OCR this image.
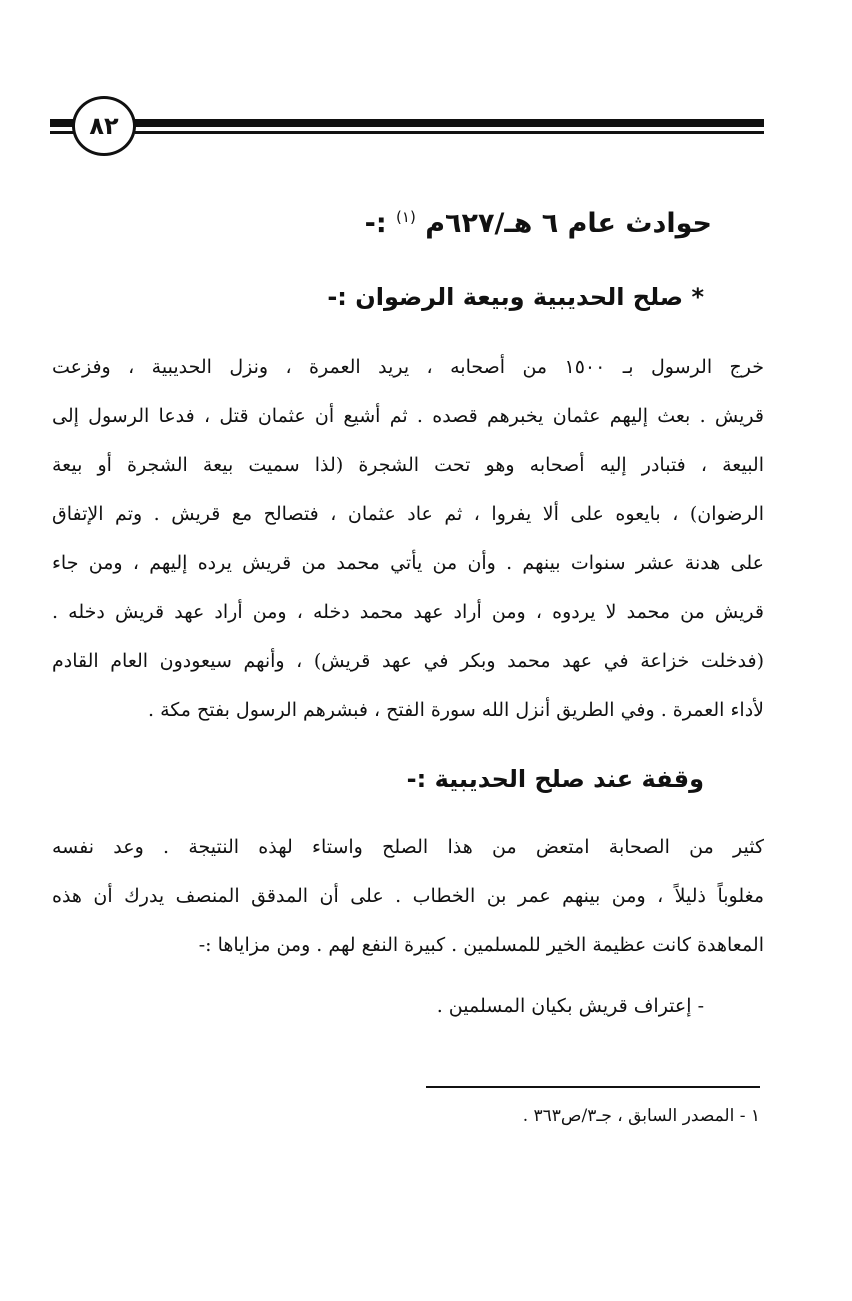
٨٢
حوادث عام ٦ هـ/٦٢٧م $^{(١)}$ :-
* صلح الحديبية وبيعة الرضوان :-
خرج الرسول بـ ١٥٠٠ من أصحابه ، يريد العمرة ، ونزل الحديبية ، وفزعت
قريش . بعث إليهم عثمان يخبرهم قصده . ثم أشيع أن عثمان قتل ، فدعا الرسول إلى
البيعة ، فتبادر إليه أصحابه وهو تحت الشجرة (لذا سميت بيعة الشجرة أو بيعة
الرضوان) ، بايعوه على ألا يفروا ، ثم عاد عثمان ، فتصالح مع قريش . وتم الإتفاق
على هدنة عشر سنوات بينهم . وأن من يأتي محمد من قريش يرده إليهم ، ومن جاء
قريش من محمد لا يردوه ، ومن أراد عهد محمد دخله ، ومن أراد عهد قريش دخله .
(فدخلت خزاعة في عهد محمد وبكر في عهد قريش) ، وأنهم سيعودون العام القادم
لأداء العمرة . وفي الطريق أنزل الله سورة الفتح ، فبشرهم الرسول بفتح مكة .
وقفة عند صلح الحديبية :-
كثير من الصحابة امتعض من هذا الصلح واستاء لهذه النتيجة . وعد نفسه
مغلوباً ذليلاً ، ومن بينهم عمر بن الخطاب . على أن المدقق المنصف يدرك أن هذه
المعاهدة كانت عظيمة الخير للمسلمين . كبيرة النفع لهم . ومن مزاياها :-
- إعتراف قريش بكيان المسلمين .
١ - المصدر السابق ، جـ٣/ص٣٦٣ .
